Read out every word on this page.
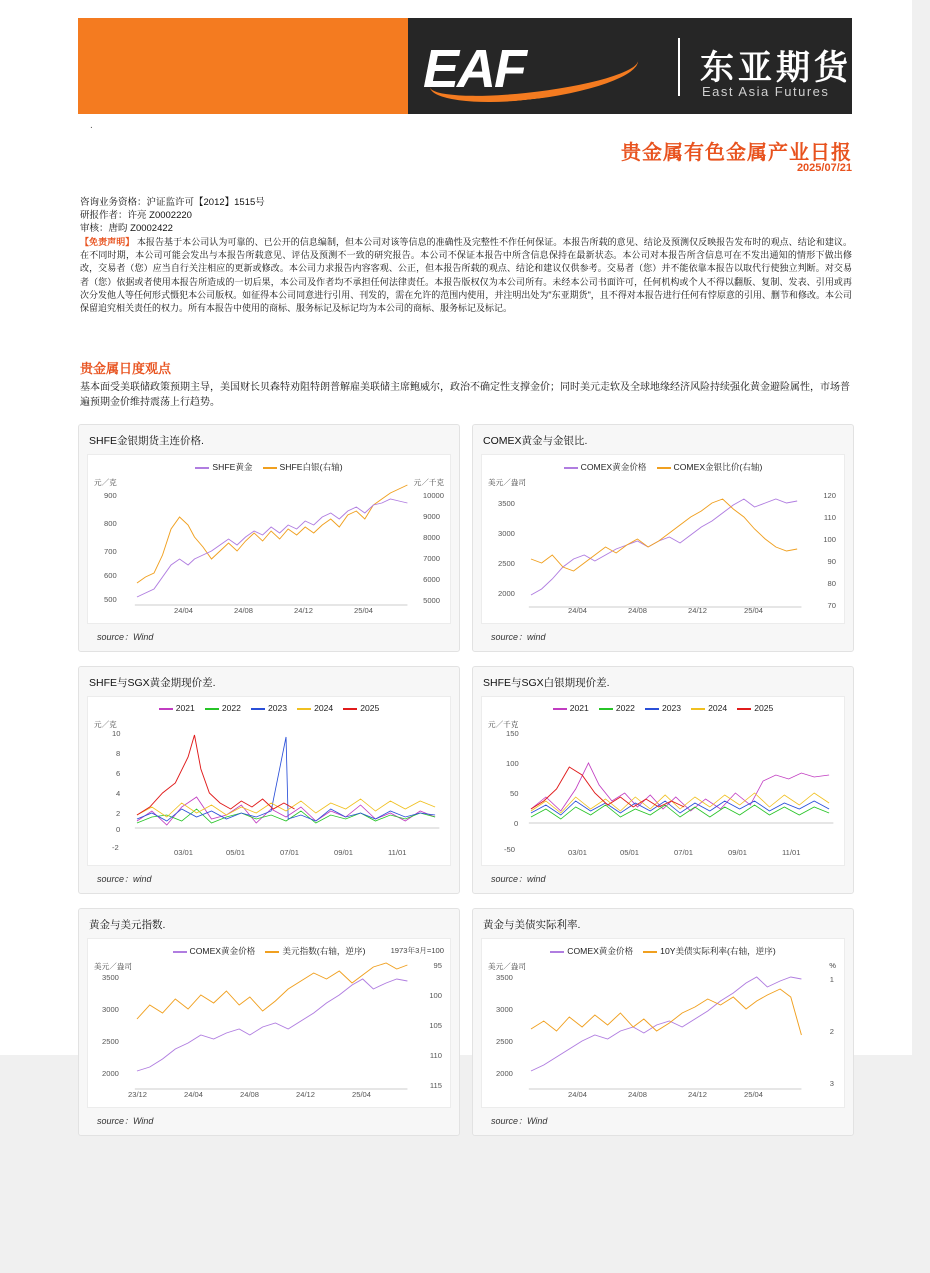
EAF	东亚期货
East Asia Futures
.
贵金属有色金属产业日报
2025/07/21
咨询业务资格：沪证监许可【2012】1515号
研报作者：许亮 Z0002220
审核：唐昀 Z0002422
【免责声明】 本报告基于本公司认为可靠的、已公开的信息编制，但本公司对该等信息的准确性及完整性不作任何保证。本报告所载的意见、结论及预测仅反映报告发布时的观点、结论和建议。在不同时期，本公司可能会发出与本报告所载意见、评估及预测不一致的研究报告。本公司不保证本报告中所含信息保持在最新状态。本公司对本报告所含信息可在不发出通知的情形下做出修改，交易者（您）应当自行关注相应的更新或修改。本公司力求报告内容客观、公正，但本报告所载的观点、结论和建议仅供参考。交易者（您）并不能依靠本报告以取代行使独立判断。对交易者（您）依据或者使用本报告所造成的一切后果，本公司及作者均不承担任何法律责任。本报告版权仅为本公司所有。未经本公司书面许可，任何机构或个人不得以翻版、复制、发表、引用或再次分发他人等任何形式慑犯本公司版权。如征得本公司同意进行引用、刊发的，需在允许的范围内使用，并注明出处为"东亚期货"，且不得对本报告进行任何有悖原意的引用、删节和修改。本公司保留追究相关责任的权力。所有本报告中使用的商标、服务标记及标记均为本公司的商标、服务标记及标记。
贵金属日度观点
基本面受美联储政策预期主导，美国财长贝森特劝阻特朗普解雇美联储主席鲍威尔，政治不确定性支撑金价；同时美元走软及全球地缘经济风险持续强化黄金避险属性，市场普遍预期金价维持震荡上行趋势。
SHFE金银期货主连价格.
SHFE黄金	SHFE白银(右轴)
元／克	元／千克
900
800
700
600
500
10000
9000
8000
7000
6000
5000
24/04	24/08	24/12	25/04
source：Wind
COMEX黄金与金银比.
COMEX黄金价格	COMEX金银比价(右轴)
美元／盎司
3500
3000
2500
2000
120
110
100
90
80
70
24/04	24/08	24/12	25/04
source：wind
SHFE与SGX黄金期现价差.
2021	2022	2023	2024	2025
元／克
10
8
6
4
2
0
-2
03/01	05/01	07/01	09/01	11/01
source：wind
SHFE与SGX白银期现价差.
2021	2022	2023	2024	2025
元／千克
150
100
50
0
-50	03/01	05/01	07/01	09/01	11/01
source：wind
黄金与美元指数.
COMEX黄金价格	美元指数(右轴，逆序)
美元／盎司
1973年3月=100
3500
3000
2500
2000
95
100
105
110
115
23/12	24/04	24/08	24/12	25/04
source：Wind
黄金与美债实际利率.
COMEX黄金价格	10Y美债实际利率(右轴，逆序)
美元／盎司	%
3500
3000
2500
2000
1
2
3
24/04	24/08	24/12	25/04
source：Wind
